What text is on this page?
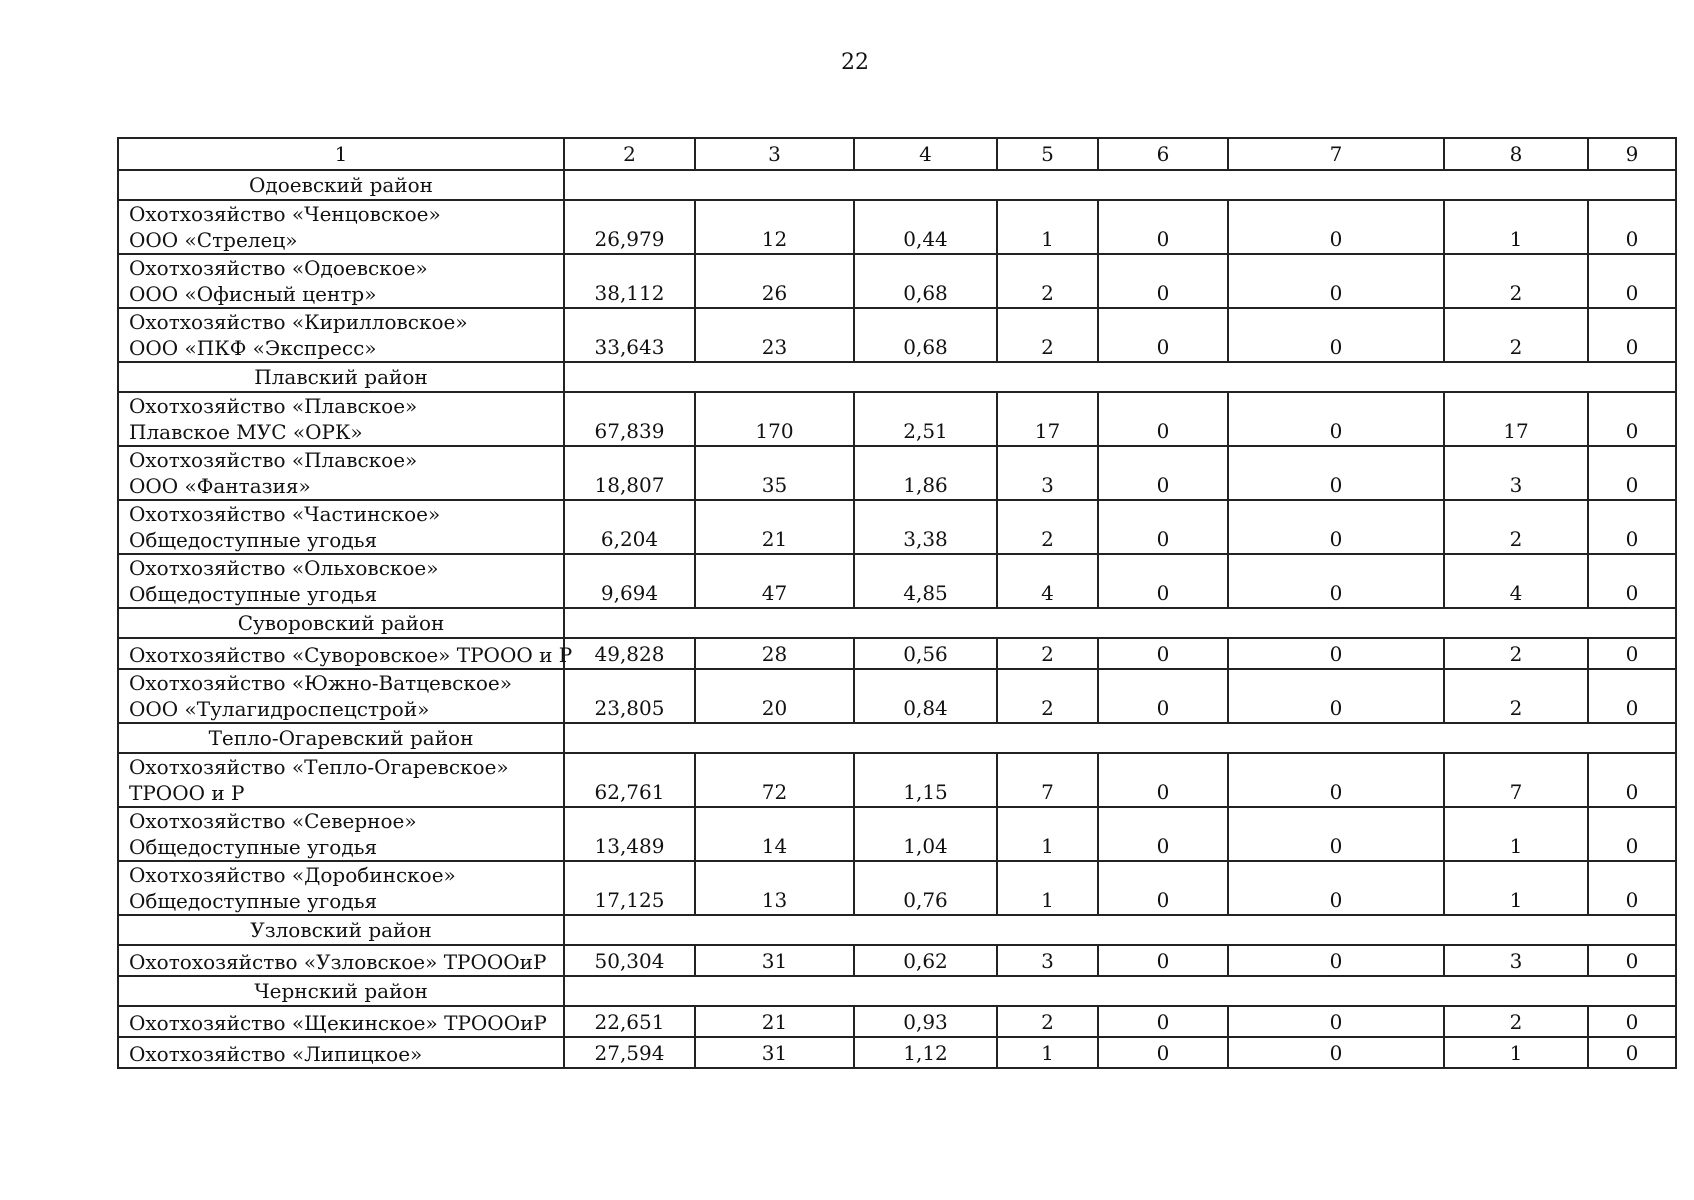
22
1	2	3	4	5	6	7	8	9
Одоевский район								

Охотхозяйство «Ченцовское»
ООО «Стрелец»	26,979	12	0,44	1	0	0	1	0

Охотхозяйство «Одоевское»
ООО «Офисный центр»	38,112	26	0,68	2	0	0	2	0

Охотхозяйство «Кирилловское»
ООО «ПКФ «Экспресс»	33,643	23	0,68	2	0	0	2	0
Плавский район								

Охотхозяйство «Плавское»
Плавское МУС «ОРК»	67,839	170	2,51	17	0	0	17	0

Охотхозяйство «Плавское»
ООО «Фантазия»	18,807	35	1,86	3	0	0	3	0

Охотхозяйство «Частинское»
Общедоступные угодья	6,204	21	3,38	2	0	0	2	0

Охотхозяйство «Ольховское»
Общедоступные угодья	9,694	47	4,85	4	0	0	4	0
Суворовский район								

Охотхозяйство «Суворовское» ТРООО и Р	49,828	28	0,56	2	0	0	2	0

Охотхозяйство «Южно-Ватцевское»
ООО «Тулагидроспецстрой»	23,805	20	0,84	2	0	0	2	0
Тепло-Огаревский район								

Охотхозяйство «Тепло-Огаревское»
ТРООО и Р	62,761	72	1,15	7	0	0	7	0

Охотхозяйство «Северное»
Общедоступные угодья	13,489	14	1,04	1	0	0	1	0

Охотхозяйство «Доробинское»
Общедоступные угодья	17,125	13	0,76	1	0	0	1	0
Узловский район								

Охотохозяйство «Узловское» ТРОООиР	50,304	31	0,62	3	0	0	3	0
Чернский район								

Охотхозяйство «Щекинское» ТРОООиР	22,651	21	0,93	2	0	0	2	0

Охотхозяйство «Липицкое»	27,594	31	1,12	1	0	0	1	0
